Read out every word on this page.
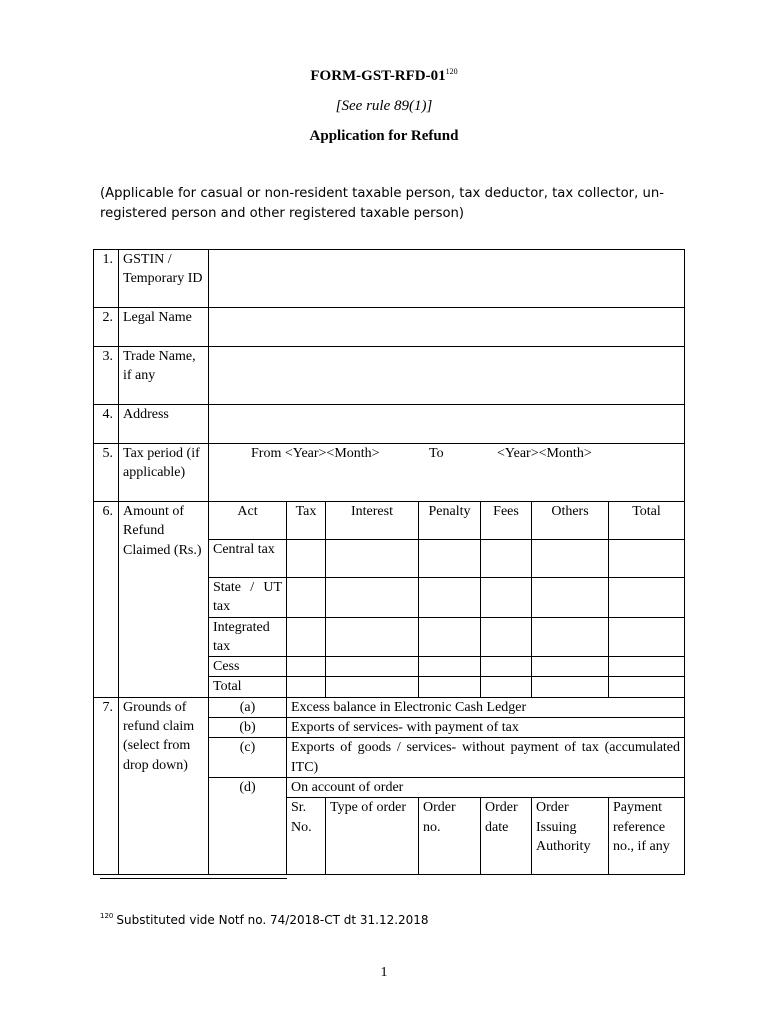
FORM-$GST-RFD-01^{120}$
[See rule 89(1)]
Application for Refund
(Applicable for casual or non-resident taxable person, tax deductor, tax collector, un-registered person and other registered taxable person)
1.	GSTIN / Temporary ID							
2.	Legal Name							
3.	Trade Name, if any							
4.	Address							
5.	Tax period (if applicable)	From <Year><Month> To <Year><Month>						

6.	Amount of Refund Claimed (Rs.)	Act	Tax	Interest	Penalty	Fees	Others	Total
		Central tax						
		State / UT tax						
		Integrated tax						
		Cess						
		Total						
7.	Grounds of refund claim (select from drop down)	(a)	Excess balance in Electronic Cash Ledger					
		(b)	Exports of services- with payment of tax					
		(c)	Exports of goods / services- without payment of tax (accumulated ITC)					
		(d)	On account of order					
			Sr. No.	Type of order	Order no.	Order date	Order Issuing Authority	Payment reference no., if any
$^{120}$ Substituted vide Notf no. 74/2018-CT dt 31.12.2018
1
